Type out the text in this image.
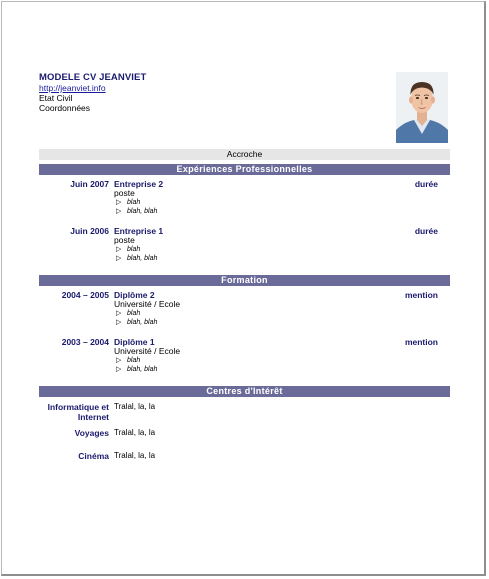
MODELE CV JEANVIET
http://jeanviet.info
Etat Civil
Coordonnées
Accroche
Expériences Professionnelles
Juin 2007 Entreprise 2
poste
▷ blah
▷ blah, blah
durée
Juin 2006 Entreprise 1
poste
▷ blah
▷ blah, blah
durée
Formation
2004 – 2005 Diplôme 2
Université / Ecole
▷ blah
▷ blah, blah
mention
2003 – 2004 Diplôme 1
Université / Ecole
▷ blah
▷ blah, blah
mention
Centres d'Intérêt
Informatique et Internet
Tralal, la, la
Voyages Tralal, la, la
Cinéma Tralal, la, la
